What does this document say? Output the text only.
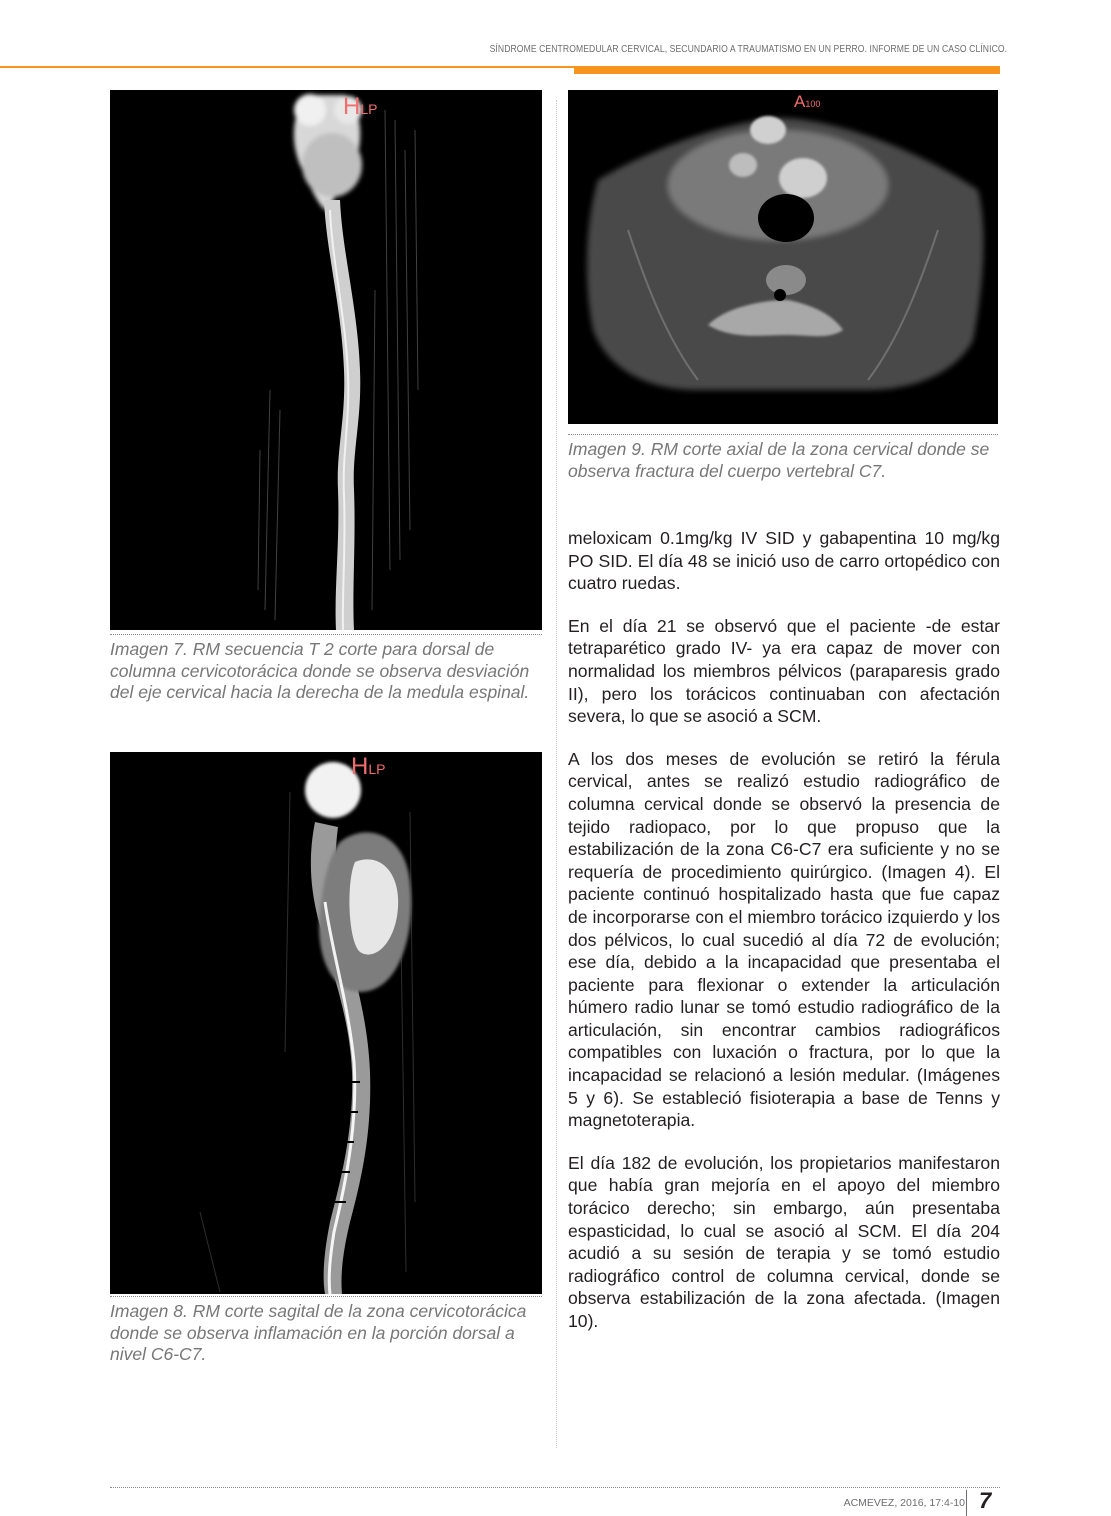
SÍNDROME CENTROMEDULAR CERVICAL, SECUNDARIO A TRAUMATISMO EN UN PERRO. INFORME DE UN CASO CLÍNICO.
HLP
Imagen 7. RM secuencia T 2 corte para dorsal de columna cervicotorácica donde se observa desviación del eje cervical hacia la derecha de la medula espinal.
HLP
Imagen 8. RM corte sagital de la zona cervicotorácica donde se observa inflamación en la porción dorsal a nivel C6-C7.
A100
Imagen 9. RM corte axial de la zona cervical donde se observa fractura del cuerpo vertebral C7.

meloxicam 0.1mg/kg IV SID y gabapentina 10 mg/kg PO SID. El día 48 se inició uso de carro ortopédico con cuatro ruedas.

En el día 21 se observó que el paciente -de estar tetraparético grado IV- ya era capaz de mover con normalidad los miembros pélvicos (paraparesis grado II), pero los torácicos continuaban con afectación severa, lo que se asoció a SCM.

A los dos meses de evolución se retiró la férula cervical, antes se realizó estudio radiográfico de columna cervical donde se observó la presencia de tejido radiopaco, por lo que propuso que la estabilización de la zona C6-C7 era suficiente y no se requería de procedimiento quirúrgico. (Imagen 4). El paciente continuó hospitalizado hasta que fue capaz de incorporarse con el miembro torácico izquierdo y los dos pélvicos, lo cual sucedió al día 72 de evolución; ese día, debido a la incapacidad que presentaba el paciente para flexionar o extender la articulación húmero radio lunar se tomó estudio radiográfico de la articulación, sin encontrar cambios radiográficos compatibles con luxación o fractura, por lo que la incapacidad se relacionó a lesión medular. (Imágenes 5 y 6). Se estableció fisioterapia a base de Tenns y magnetoterapia.

El día 182 de evolución, los propietarios manifestaron que había gran mejoría en el apoyo del miembro torácico derecho; sin embargo, aún presentaba espasticidad, lo cual se asoció al SCM. El día 204 acudió a su sesión de terapia y se tomó estudio radiográfico control de columna cervical, donde se observa estabilización de la zona afectada. (Imagen 10).

ACMEVEZ, 2016, 17:4-10 7
